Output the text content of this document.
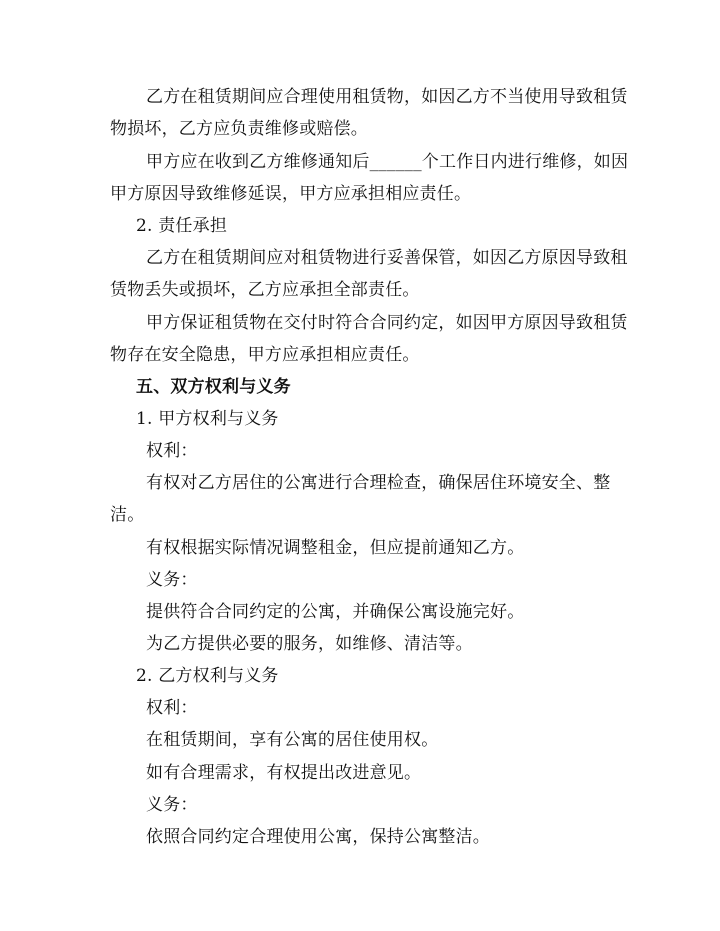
乙方在租赁期间应合理使用租赁物，如因乙方不当使用导致租赁
物损坏，乙方应负责维修或赔偿。
甲方应在收到乙方维修通知后______个工作日内进行维修，如因
甲方原因导致维修延误，甲方应承担相应责任。
2. 责任承担
乙方在租赁期间应对租赁物进行妥善保管，如因乙方原因导致租
赁物丢失或损坏，乙方应承担全部责任。
甲方保证租赁物在交付时符合合同约定，如因甲方原因导致租赁
物存在安全隐患，甲方应承担相应责任。
五、双方权利与义务
1. 甲方权利与义务
权利：
有权对乙方居住的公寓进行合理检查，确保居住环境安全、整
洁。
有权根据实际情况调整租金，但应提前通知乙方。
义务：
提供符合合同约定的公寓，并确保公寓设施完好。
为乙方提供必要的服务，如维修、清洁等。
2. 乙方权利与义务
权利：
在租赁期间，享有公寓的居住使用权。
如有合理需求，有权提出改进意见。
义务：
依照合同约定合理使用公寓，保持公寓整洁。
